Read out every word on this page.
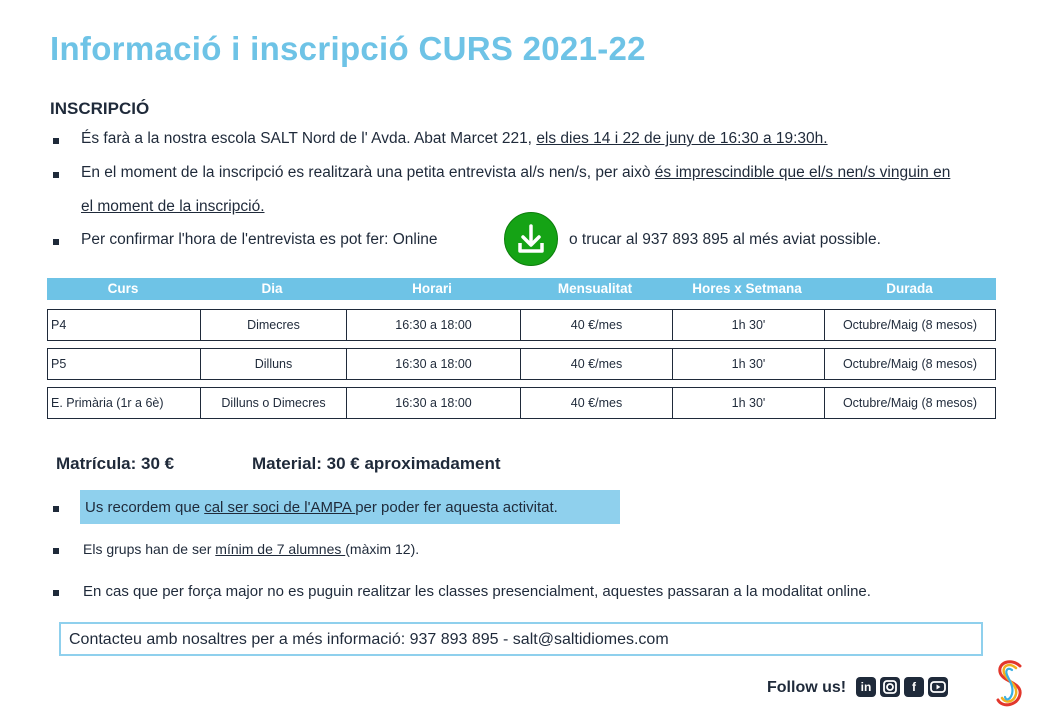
Informació i inscripció CURS 2021-22
INSCRIPCIÓ
És farà a la nostra escola SALT Nord de l' Avda. Abat Marcet 221, els dies 14 i 22 de juny de 16:30 a 19:30h.
En el moment de la inscripció es realitzarà una petita entrevista al/s nen/s, per això és imprescindible que el/s nen/s vinguin en
el moment de la inscripció.
Per confirmar l'hora de l'entrevista es pot fer: Online	o trucar al 937 893 895 al més aviat possible.
Curs	Dia	Horari	Mensualitat	Hores x Setmana	Durada
P4	Dimecres	16:30 a 18:00	40 €/mes	1h 30'	Octubre/Maig (8 mesos)
P5	Dilluns	16:30 a 18:00	40 €/mes	1h 30'	Octubre/Maig (8 mesos)
E. Primària (1r a 6è)	Dilluns o Dimecres	16:30 a 18:00	40 €/mes	1h 30'	Octubre/Maig (8 mesos)
Matrícula: 30 €	Material: 30 € aproximadament
Us recordem que cal ser soci de l'AMPA per poder fer aquesta activitat.
Els grups han de ser mínim de 7 alumnes (màxim 12).
En cas que per força major no es puguin realitzar les classes presencialment, aquestes passaran a la modalitat online.
Contacteu amb nosaltres per a més informació: 937 893 895 - salt@saltidiomes.com
Follow us!	in	f
